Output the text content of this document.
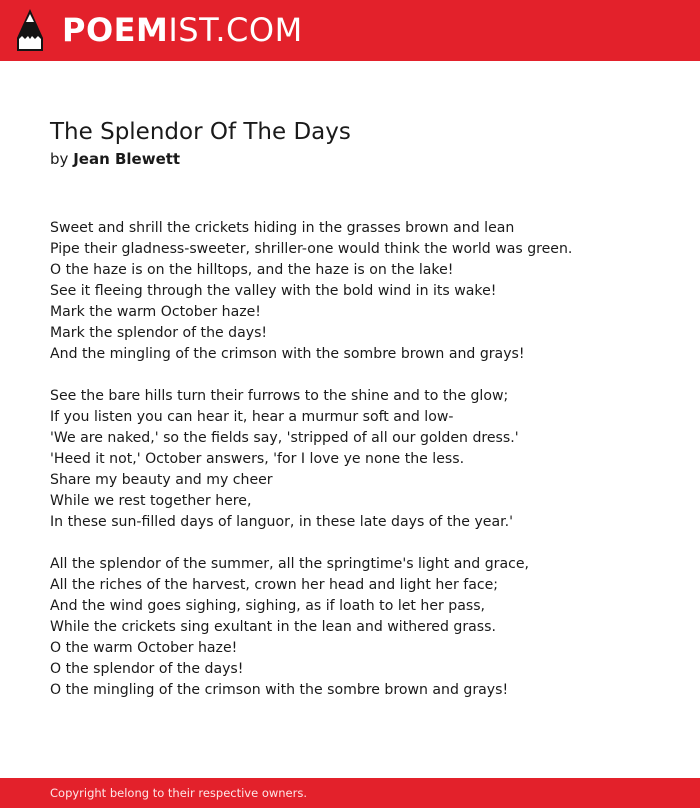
POEMIST.COM
The Splendor Of The Days
by Jean Blewett
Sweet and shrill the crickets hiding in the grasses brown and lean
Pipe their gladness-sweeter, shriller-one would think the world was green.
O the haze is on the hilltops, and the haze is on the lake!
See it fleeing through the valley with the bold wind in its wake!
Mark the warm October haze!
Mark the splendor of the days!
And the mingling of the crimson with the sombre brown and grays!
See the bare hills turn their furrows to the shine and to the glow;
If you listen you can hear it, hear a murmur soft and low-
'We are naked,' so the fields say, 'stripped of all our golden dress.'
'Heed it not,' October answers, 'for I love ye none the less.
Share my beauty and my cheer
While we rest together here,
In these sun-filled days of languor, in these late days of the year.'
All the splendor of the summer, all the springtime's light and grace,
All the riches of the harvest, crown her head and light her face;
And the wind goes sighing, sighing, as if loath to let her pass,
While the crickets sing exultant in the lean and withered grass.
O the warm October haze!
O the splendor of the days!
O the mingling of the crimson with the sombre brown and grays!
Copyright belong to their respective owners.
